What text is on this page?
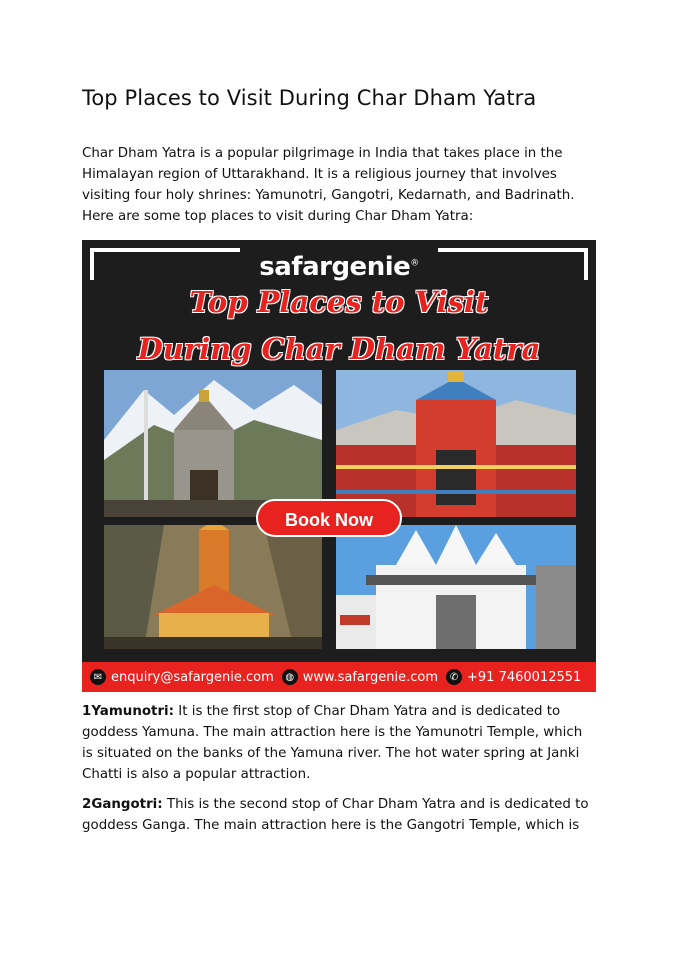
Top Places to Visit During Char Dham Yatra

Char Dham Yatra is a popular pilgrimage in India that takes place in the Himalayan region of Uttarakhand. It is a religious journey that involves visiting four holy shrines: Yamunotri, Gangotri, Kedarnath, and Badrinath. Here are some top places to visit during Char Dham Yatra:

safargenie®
Top Places to Visit
During Char Dham Yatra
Book Now
✉ enquiry@safargenie.com	◍ www.safargenie.com	✆ +91 7460012551

1Yamunotri: It is the first stop of Char Dham Yatra and is dedicated to goddess Yamuna. The main attraction here is the Yamunotri Temple, which is situated on the banks of the Yamuna river. The hot water spring at Janki Chatti is also a popular attraction.

2Gangotri: This is the second stop of Char Dham Yatra and is dedicated to goddess Ganga. The main attraction here is the Gangotri Temple, which is
